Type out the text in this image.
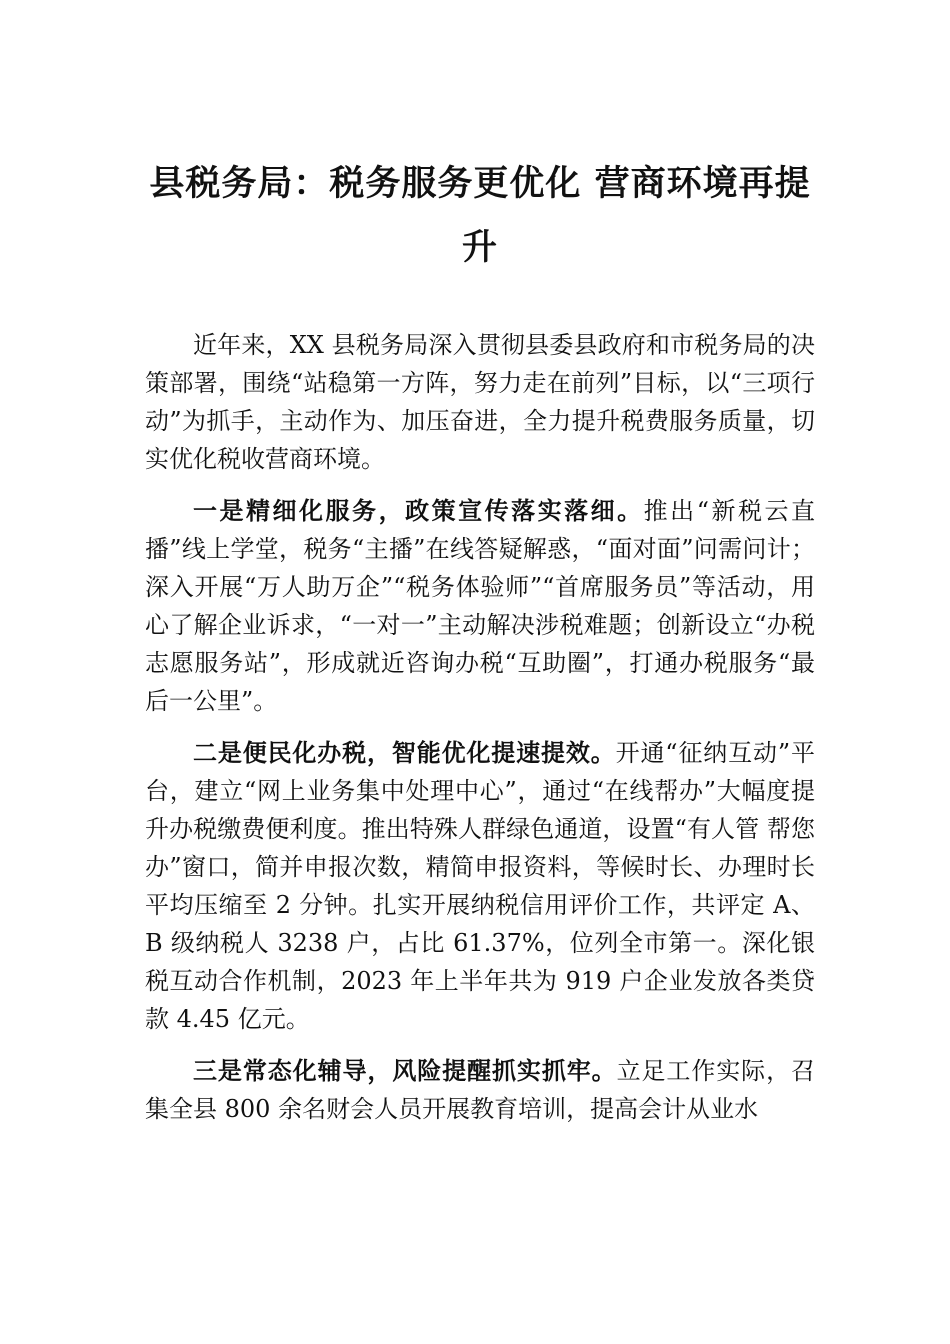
县税务局：税务服务更优化 营商环境再提升

近年来，XX 县税务局深入贯彻县委县政府和市税务局的决策部署，围绕“站稳第一方阵，努力走在前列”目标，以“三项行动”为抓手，主动作为、加压奋进，全力提升税费服务质量，切实优化税收营商环境。

一是精细化服务，政策宣传落实落细。推出“新税云直播”线上学堂，税务“主播”在线答疑解惑，“面对面”问需问计；深入开展“万人助万企”“税务体验师”“首席服务员”等活动，用心了解企业诉求，“一对一”主动解决涉税难题；创新设立“办税志愿服务站”，形成就近咨询办税“互助圈”，打通办税服务“最后一公里”。

二是便民化办税，智能优化提速提效。开通“征纳互动”平台，建立“网上业务集中处理中心”，通过“在线帮办”大幅度提升办税缴费便利度。推出特殊人群绿色通道，设置“有人管 帮您办”窗口，简并申报次数，精简申报资料，等候时长、办理时长平均压缩至 2 分钟。扎实开展纳税信用评价工作，共评定 A、B 级纳税人 3238 户，占比 61.37%，位列全市第一。深化银税互动合作机制，2023 年上半年共为 919 户企业发放各类贷款 4.45 亿元。

三是常态化辅导，风险提醒抓实抓牢。立足工作实际，召集全县 800 余名财会人员开展教育培训，提高会计从业水
